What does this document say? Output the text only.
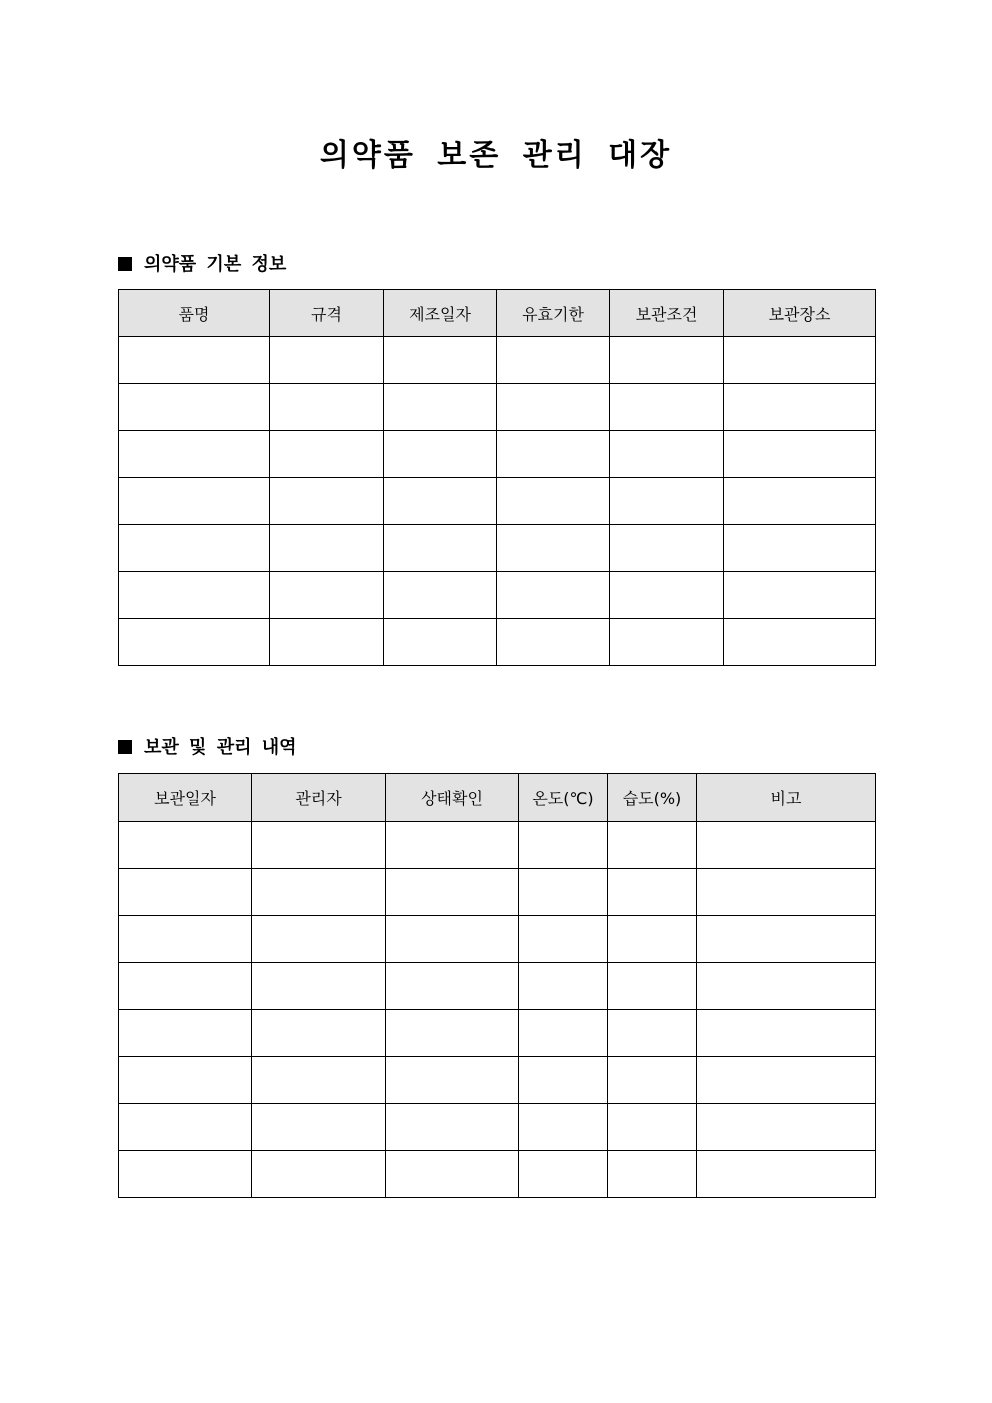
의약품 보존 관리 대장
의약품 기본 정보
품명	규격	제조일자	유효기한	보관조건	보관장소

보관 및 관리 내역
보관일자	관리자	상태확인	온도(℃)	습도(%)	비고
